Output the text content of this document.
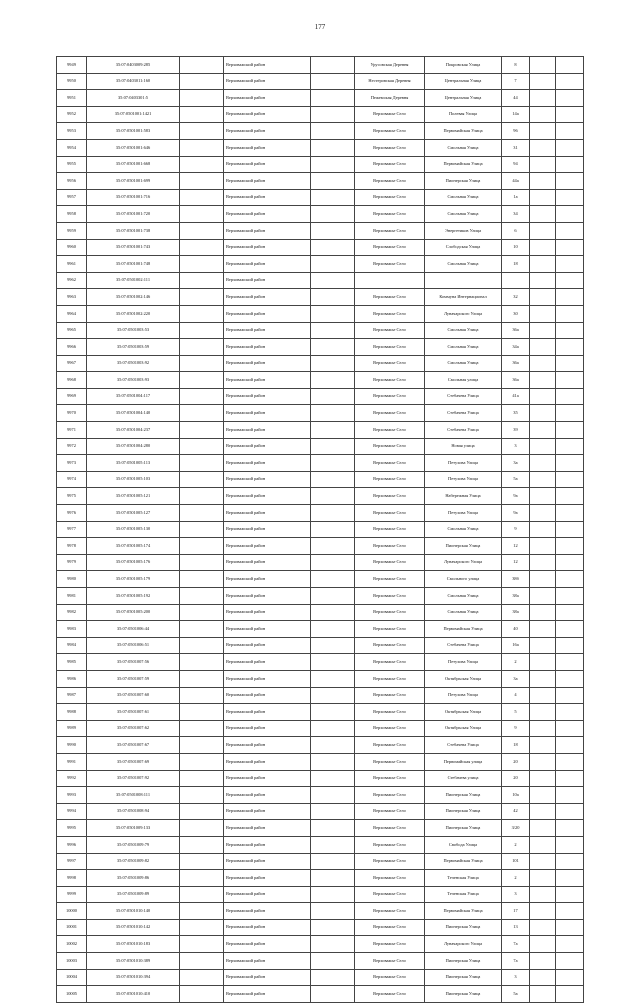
177
9949	35:07:0403009:285		Верховажский район		Урусовская Деревня	Покровская Улица	8		
9950	35:07:0403011:160		Верховажский район		Нестеровская Деревня	Центральная Улица	7		
9951	35:07:0403301:5		Верховажский район		Пежемская Деревня	Центральная Улица	44		
9952	35:07:0501001:1421		Верховажский район		Верховажье Село	Полевая Улица	14а		
9953	35:07:0501001:583		Верховажский район		Верховажье Село	Первомайская Улица	96		
9954	35:07:0501001:646		Верховажский район		Верховажье Село	Смольная Улица	31		
9955	35:07:0501001:668		Верховажский район		Верховажье Село	Первомайская Улица	94		
9956	35:07:0501001:699		Верховажский район		Верховажье Село	Пионерская Улица	44а		
9957	35:07:0501001:716		Верховажский район		Верховажье Село	Смольная Улица	1а		
9958	35:07:0501001:720		Верховажский район		Верховажье Село	Смольная Улица	34		
9959	35:07:0501001:738		Верховажский район		Верховажье Село	Энергетиков Улица	6		
9960	35:07:0501001:743		Верховажский район		Верховажье Село	Слободская Улица	10		
9961	35:07:0501001:748		Верховажский район		Верховажье Село	Смольная Улица	18		
9962	35:07:0501002:111		Верховажский район						
9963	35:07:0501002:146		Верховажский район		Верховажье Село	Коммуна Интернационал	32		
9964	35:07:0501002:220		Верховажский район		Верховажье Село	Луначарского Улица	30		
9965	35:07:0501003:53		Верховажский район		Верховажье Село	Смольная Улица	36а		
9966	35:07:0501003:59		Верховажский район		Верховажье Село	Смольная Улица	34а		
9967	35:07:0501003:92		Верховажский район		Верховажье Село	Смольная Улица	36а		
9968	35:07:0501003:93		Верховажский район		Верховажье Село	Смольная улица	36а		
9969	35:07:0501004:117		Верховажский район		Верховажье Село	Стебачева Улица	41а		
9970	35:07:0501004:140		Верховажский район		Верховажье Село	Стебачева Улица	35		
9971	35:07:0501004:237		Верховажский район		Верховажье Село	Стебачева Улица	39		
9972	35:07:0501004:280		Верховажский район		Верховажье Село	Новая улица	3		
9973	35:07:0501005:113		Верховажский район		Верховажье Село	Петухова Улица	3а		
9974	35:07:0501005:103		Верховажский район		Верховажье Село	Петухова Улица	5а		
9975	35:07:0501005:121		Верховажский район		Верховажье Село	Набережная Улица	9а		
9976	35:07:0501005:127		Верховажский район		Верховажье Село	Петухова Улица	9а		
9977	35:07:0501005:130		Верховажский район		Верховажье Село	Смольная Улица	9		
9978	35:07:0501005:174		Верховажский район		Верховажье Село	Пионерская Улица	12		
9979	35:07:0501005:176		Верховажский район		Верховажье Село	Луначарского Улица	12		
9980	35:07:0501005:179		Верховажский район		Верховажье Село	Смольного улица	38б		
9981	35:07:0501005:192		Верховажский район		Верховажье Село	Смольная Улица	38а		
9982	35:07:0501005:200		Верховажский район		Верховажье Село	Смольная Улица	38а		
9983	35:07:0501006:44		Верховажский район		Верховажье Село	Первомайская Улица	40		
9984	35:07:0501006:51		Верховажский район		Верховажье Село	Стебачева Улица	16а		
9985	35:07:0501007:56		Верховажский район		Верховажье Село	Петухова Улица	2		
9986	35:07:0501007:59		Верховажский район		Верховажье Село	Октябрьская Улица	3а		
9987	35:07:0501007:60		Верховажский район		Верховажье Село	Петухова Улица	4		
9988	35:07:0501007:61		Верховажский район		Верховажье Село	Октябрьская Улица	5		
9989	35:07:0501007:62		Верховажский район		Верховажье Село	Октябрьская Улица	9		
9990	35:07:0501007:67		Верховажский район		Верховажье Село	Стебачева Улица	18		
9991	35:07:0501007:69		Верховажский район		Верховажье Село	Первомайская улица	20		
9992	35:07:0501007:92		Верховажский район		Верховажье Село	Стебачева улица	20		
9993	35:07:0501008:111		Верховажский район		Верховажье Село	Пионерская Улица	10а		
9994	35:07:0501008:94		Верховажский район		Верховажье Село	Пионерская Улица	42		
9995	35:07:0501009:133		Верховажский район		Верховажье Село	Пионерская Улица	3/20		
9996	35:07:0501009:79		Верховажский район		Верховажье Село	Свобода Улица	2		
9997	35:07:0501009:82		Верховажский район		Верховажье Село	Первомайская Улица	101		
9998	35:07:0501009:86		Верховажский район		Верховажье Село	Теченская Улица	2		
9999	35:07:0501009:89		Верховажский район		Верховажье Село	Теченская Улица	3		
10000	35:07:0501010:140		Верховажский район		Верховажье Село	Первомайская Улица	17		
10001	35:07:0501010:142		Верховажский район		Верховажье Село	Пионерская Улица	13		
10002	35:07:0501010:183		Верховажский район		Верховажье Село	Луначарского Улица	7а		
10003	35:07:0501010:389		Верховажский район		Верховажье Село	Пионерская Улица	7а		
10004	35:07:0501010:394		Верховажский район		Верховажье Село	Пионерская Улица	3		
10005	35:07:0501010:410		Верховажский район		Верховажье Село	Пионерская Улица	5а		
